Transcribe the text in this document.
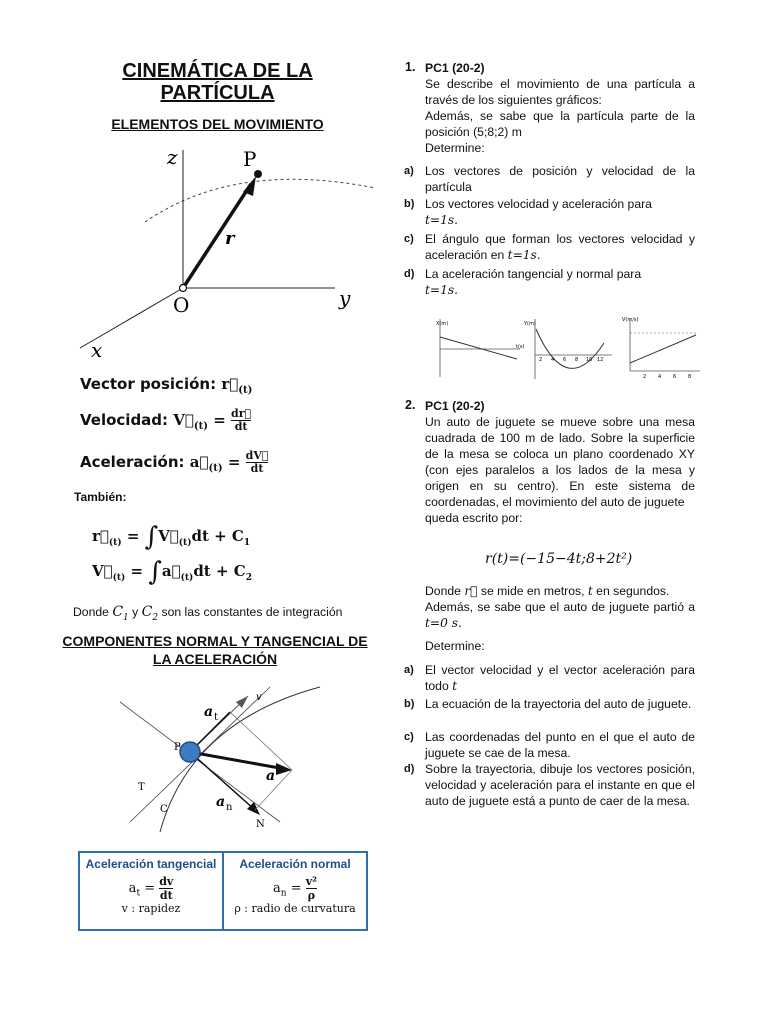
CINEMÁTICA DE LA PARTÍCULA
ELEMENTOS DEL MOVIMIENTO
z	P
r
O	y
x
Vector posición: $r⃗_{(t)}$
Velocidad: $V⃗_{(t)} = \frac{dr⃗}{dt}$
Aceleración: $a⃗_{(t)} = \frac{dV⃗}{dt}$
También:
$r⃗_{(t)}$ = $\int V⃗_{(t)}dt + C_1$
$V⃗_{(t)}$ = $\int a⃗_{(t)}dt + C_2$
Donde $C_1$ y $C_2$ son las constantes de integración
COMPONENTES NORMAL Y TANGENCIAL DE LA ACELERACIÓN
a t
v
P
a
a n
T
C
N
Aceleración tangencial
$a_t = \frac{dv}{dt}$
v : rapidez

Aceleración normal
$a_n = \frac{\text{v²}}{\rho}$
ρ : radio de curvatura
1. PC1 (20-2)
Se describe el movimiento de una partícula a través de los siguientes gráficos:
Además, se sabe que la partícula parte de la posición (5;8;2) m
Determine:
a) Los vectores de posición y velocidad de la partícula
b) Los vectores velocidad y aceleración para
t=1s.
c) El ángulo que forman los vectores velocidad y aceleración en t=1s.
d) La aceleración tangencial y normal para
t=1s.
X(m)
t(s)
Y(m)
2 4 6 8 10 12
V(m/s)
2 4 6 8
2. PC1 (20-2)
Un auto de juguete se mueve sobre una mesa cuadrada de 100 m de lado. Sobre la superficie de la mesa se coloca un plano coordenado XY (con ejes paralelos a los lados de la mesa y origen en su centro). En este sistema de coordenadas, el movimiento del auto de juguete
queda escrito por:
r(t)=(−15−4t;8+2t²)
Donde r⃗ se mide en metros, t en segundos.
Además, se sabe que el auto de juguete partió a t=0 s.
Determine:
a) El vector velocidad y el vector aceleración para todo t
b) La ecuación de la trayectoria del auto de juguete.
c) Las coordenadas del punto en el que el auto de juguete se cae de la mesa.
d) Sobre la trayectoria, dibuje los vectores posición, velocidad y aceleración para el instante en que el auto de juguete está a punto de caer de la mesa.
